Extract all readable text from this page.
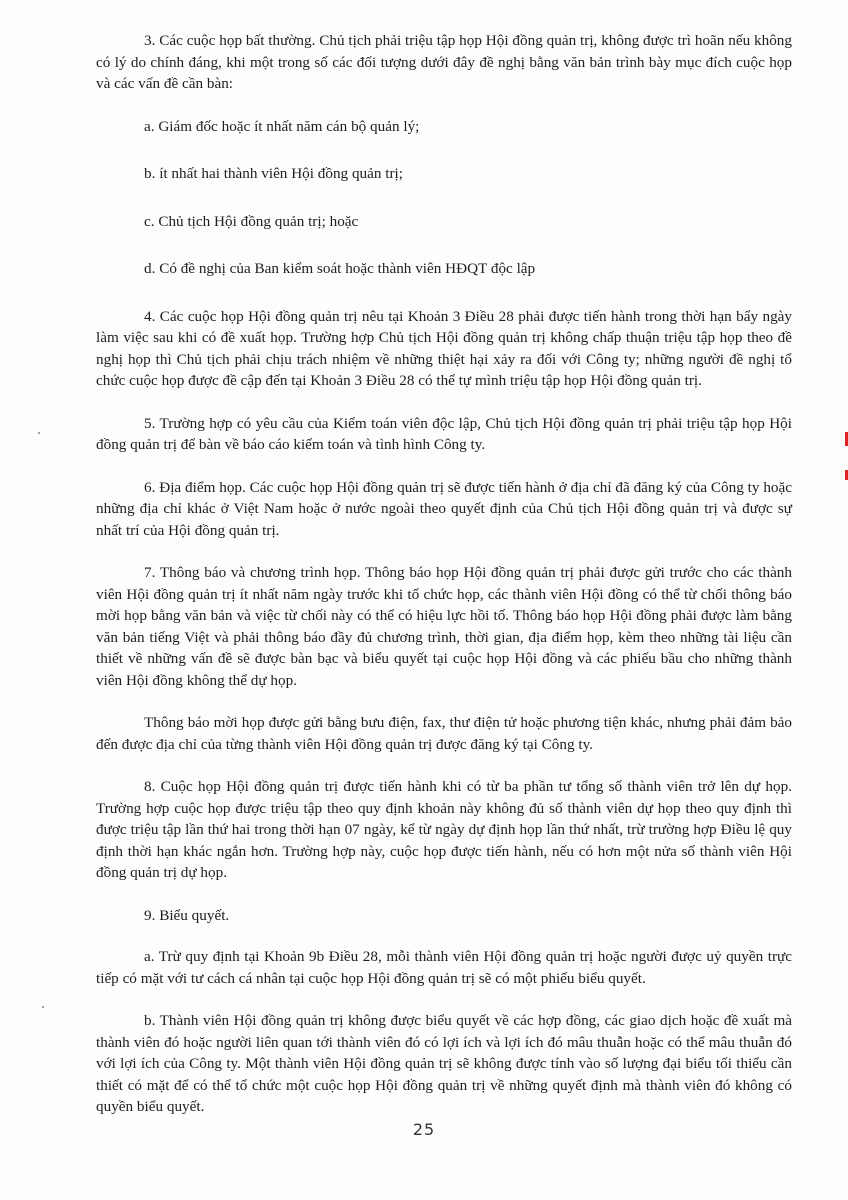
3. Các cuộc họp bất thường. Chủ tịch phải triệu tập họp Hội đồng quản trị, không được trì hoãn nếu không có lý do chính đáng, khi một trong số các đối tượng dưới đây đề nghị bằng văn bản trình bày mục đích cuộc họp và các vấn đề cần bàn:

a. Giám đốc hoặc ít nhất năm cán bộ quản lý;

b. ít nhất hai thành viên Hội đồng quản trị;

c. Chủ tịch Hội đồng quản trị; hoặc

d. Có đề nghị của Ban kiểm soát hoặc thành viên HĐQT độc lập

4. Các cuộc họp Hội đồng quản trị nêu tại Khoản 3 Điều 28 phải được tiến hành trong thời hạn bẩy ngày làm việc sau khi có đề xuất họp. Trường hợp Chủ tịch Hội đồng quản trị không chấp thuận triệu tập họp theo đề nghị họp thì Chủ tịch phải chịu trách nhiệm về những thiệt hại xảy ra đối với Công ty; những người đề nghị tổ chức cuộc họp được đề cập đến tại Khoản 3 Điều 28 có thể tự mình triệu tập họp Hội đồng quản trị.

5. Trường hợp có yêu cầu của Kiểm toán viên độc lập, Chủ tịch Hội đồng quản trị phải triệu tập họp Hội đồng quản trị để bàn về báo cáo kiểm toán và tình hình Công ty.

6. Địa điểm họp. Các cuộc họp Hội đồng quản trị sẽ được tiến hành ở địa chỉ đã đăng ký của Công ty hoặc những địa chỉ khác ở Việt Nam hoặc ở nước ngoài theo quyết định của Chủ tịch Hội đồng quản trị và được sự nhất trí của Hội đồng quản trị.

7. Thông báo và chương trình họp. Thông báo họp Hội đồng quản trị phải được gửi trước cho các thành viên Hội đồng quản trị ít nhất năm ngày trước khi tổ chức họp, các thành viên Hội đồng có thể từ chối thông báo mời họp bằng văn bản và việc từ chối này có thể có hiệu lực hồi tố. Thông báo họp Hội đồng phải được làm bằng văn bản tiếng Việt và phải thông báo đầy đủ chương trình, thời gian, địa điểm họp, kèm theo những tài liệu cần thiết về những vấn đề sẽ được bàn bạc và biểu quyết tại cuộc họp Hội đồng và các phiếu bầu cho những thành viên Hội đồng không thể dự họp.

Thông báo mời họp được gửi bằng bưu điện, fax, thư điện tử hoặc phương tiện khác, nhưng phải đảm bảo đến được địa chỉ của từng thành viên Hội đồng quản trị được đăng ký tại Công ty.

8. Cuộc họp Hội đồng quản trị được tiến hành khi có từ ba phần tư tổng số thành viên trở lên dự họp. Trường hợp cuộc họp được triệu tập theo quy định khoản này không đủ số thành viên dự họp theo quy định thì được triệu tập lần thứ hai trong thời hạn 07 ngày, kể từ ngày dự định họp lần thứ nhất, trừ trường hợp Điều lệ quy định thời hạn khác ngắn hơn. Trường hợp này, cuộc họp được tiến hành, nếu có hơn một nửa số thành viên Hội đồng quản trị dự họp.

9. Biểu quyết.

a. Trừ quy định tại Khoản 9b Điều 28, mỗi thành viên Hội đồng quản trị hoặc người được uỷ quyền trực tiếp có mặt với tư cách cá nhân tại cuộc họp Hội đồng quản trị sẽ có một phiếu biểu quyết.

b. Thành viên Hội đồng quản trị không được biểu quyết về các hợp đồng, các giao dịch hoặc đề xuất mà thành viên đó hoặc người liên quan tới thành viên đó có lợi ích và lợi ích đó mâu thuẫn hoặc có thể mâu thuẫn đó với lợi ích của Công ty. Một thành viên Hội đồng quản trị sẽ không được tính vào số lượng đại biểu tối thiểu cần thiết có mặt để có thể tổ chức một cuộc họp Hội đồng quản trị về những quyết định mà thành viên đó không có quyền biểu quyết.

25
